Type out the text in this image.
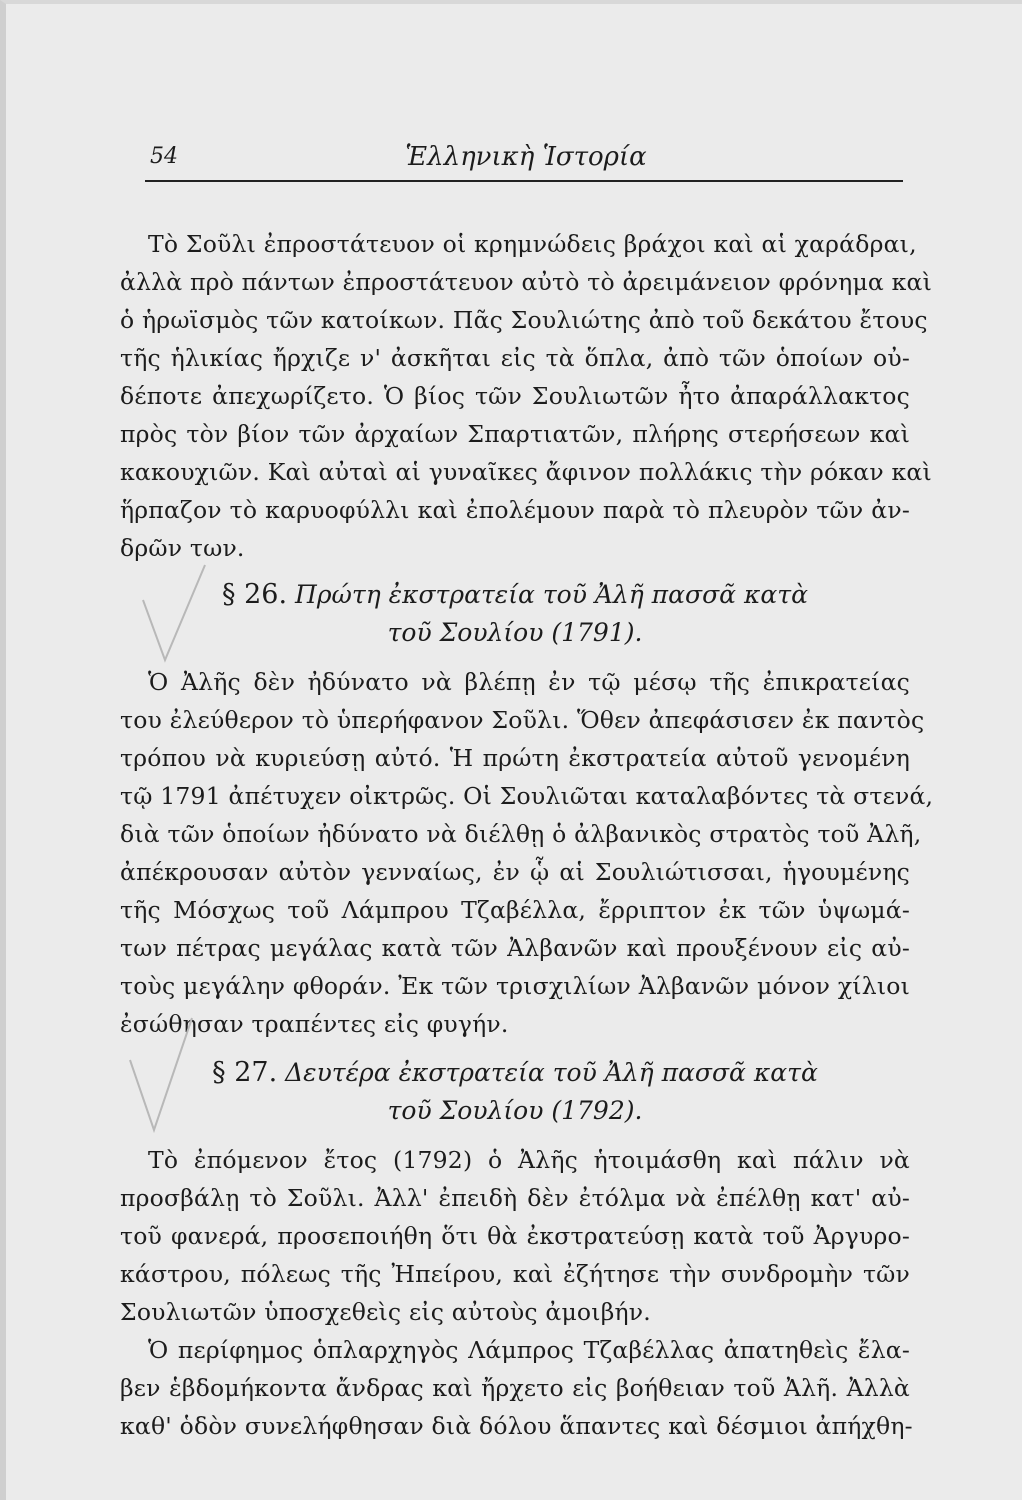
54	Ἑλληνικὴ Ἱστορία
Τὸ Σοῦλι ἐπροστάτευον οἱ κρημνώδεις βράχοι καὶ αἱ χαράδραι,
ἀλλὰ πρὸ πάντων ἐπροστάτευον αὐτὸ τὸ ἀρειμάνειον φρόνημα καὶ
ὁ ἡρωϊσμὸς τῶν κατοίκων. Πᾶς Σουλιώτης ἀπὸ τοῦ δεκάτου ἔτους
τῆς ἡλικίας ἤρχιζε ν' ἀσκῆται εἰς τὰ ὅπλα, ἀπὸ τῶν ὁποίων οὐ-
δέποτε ἀπεχωρίζετο. Ὁ βίος τῶν Σουλιωτῶν ἦτο ἀπαράλλακτος
πρὸς τὸν βίον τῶν ἀρχαίων Σπαρτιατῶν, πλήρης στερήσεων καὶ
κακουχιῶν. Καὶ αὐταὶ αἱ γυναῖκες ἄφινον πολλάκις τὴν ρόκαν καὶ
ἥρπαζον τὸ καρυοφύλλι καὶ ἐπολέμουν παρὰ τὸ πλευρὸν τῶν ἀν-
δρῶν των.
§ 26. Πρώτη ἐκστρατεία τοῦ Ἀλῆ πασσᾶ κατὰ
τοῦ Σουλίου (1791).
Ὁ Ἀλῆς δὲν ἠδύνατο νὰ βλέπῃ ἐν τῷ μέσῳ τῆς ἐπικρατείας
του ἐλεύθερον τὸ ὑπερήφανον Σοῦλι. Ὅθεν ἀπεφάσισεν ἐκ παντὸς
τρόπου νὰ κυριεύσῃ αὐτό. Ἡ πρώτη ἐκστρατεία αὐτοῦ γενομένη
τῷ 1791 ἀπέτυχεν οἰκτρῶς. Οἱ Σουλιῶται καταλαβόντες τὰ στενά,
διὰ τῶν ὁποίων ἠδύνατο νὰ διέλθῃ ὁ ἀλβανικὸς στρατὸς τοῦ Ἀλῆ,
ἀπέκρουσαν αὐτὸν γενναίως, ἐν ᾧ αἱ Σουλιώτισσαι, ἡγουμένης
τῆς Μόσχως τοῦ Λάμπρου Τζαβέλλα, ἔρριπτον ἐκ τῶν ὑψωμά-
των πέτρας μεγάλας κατὰ τῶν Ἀλβανῶν καὶ προυξένουν εἰς αὐ-
τοὺς μεγάλην φθοράν. Ἐκ τῶν τρισχιλίων Ἀλβανῶν μόνον χίλιοι
ἐσώθησαν τραπέντες εἰς φυγήν.
§ 27. Δευτέρα ἐκστρατεία τοῦ Ἀλῆ πασσᾶ κατὰ
τοῦ Σουλίου (1792).
Τὸ ἐπόμενον ἔτος (1792) ὁ Ἀλῆς ἡτοιμάσθη καὶ πάλιν νὰ
προσβάλῃ τὸ Σοῦλι. Ἀλλ' ἐπειδὴ δὲν ἐτόλμα νὰ ἐπέλθῃ κατ' αὐ-
τοῦ φανερά, προσεποιήθη ὅτι θὰ ἐκστρατεύσῃ κατὰ τοῦ Ἀργυρο-
κάστρου, πόλεως τῆς Ἠπείρου, καὶ ἐζήτησε τὴν συνδρομὴν τῶν
Σουλιωτῶν ὑποσχεθεὶς εἰς αὐτοὺς ἀμοιβήν.
Ὁ περίφημος ὁπλαρχηγὸς Λάμπρος Τζαβέλλας ἀπατηθεὶς ἔλα-
βεν ἑβδομήκοντα ἄνδρας καὶ ἤρχετο εἰς βοήθειαν τοῦ Ἀλῆ. Ἀλλὰ
καθ' ὁδὸν συνελήφθησαν διὰ δόλου ἅπαντες καὶ δέσμιοι ἀπήχθη-
